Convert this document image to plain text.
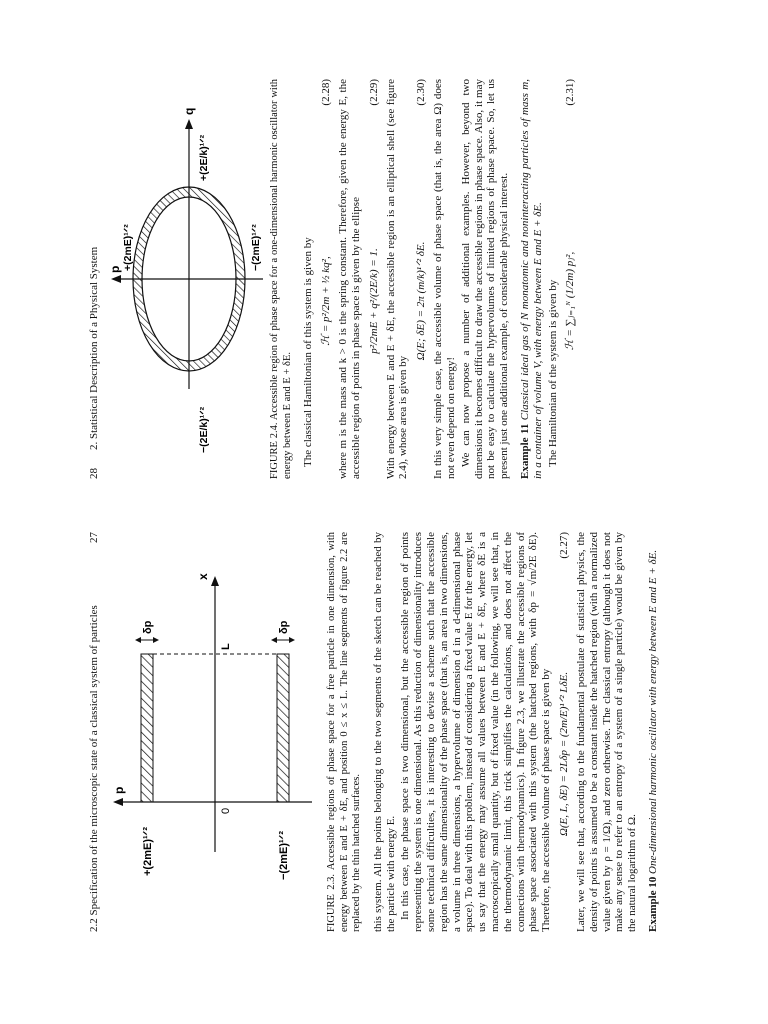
2.2 Specification of the microscopic state of a classical system of particles
27
p
x
+(2mE)¹ᐟ²	−(2mE)¹ᐟ²
0
L
δp	δp	FIGURE 2.3. Accessible regions of phase space for a free particle in one dimension, with energy between E and E + δE, and position 0 ≤ x ≤ L. The line segments of figure 2.2 are replaced by the thin hatched surfaces. this system. All the points belonging to the two segments of the sketch can be reached by the particle with energy E. In this case, the phase space is two dimensional, but the accessible region of points representing the system is one dimensional. As this reduction of dimensionality introduces some technical difficulties, it is interesting to devise a scheme such that the accessible region has the same dimensionality of the phase space (that is, an area in two dimensions, a volume in three dimensions, a hypervolume of dimension d in a d-dimensional phase space). To deal with this problem, instead of considering a fixed value E for the energy, let us say that the energy may assume all values between E and E + δE, where δE is a macroscopically small quantity, but of fixed value (in the following, we will see that, in the thermodynamic limit, this trick simplifies the calculations, and does not affect the connections with thermodynamics). In figure 2.3, we illustrate the accessible regions of phase space associated with this system (the hatched regions, with δp = √m/2E δE). Therefore, the accessible volume of phase space is given by Ω(E, L, δE) = 2Lδp = (2m/E)¹ᐟ² LδE.
(2.27) Later, we will see that, according to the fundamental postulate of statistical physics, the density of points is assumed to be a constant inside the hatched region (with a normalized value given by ρ = 1/Ω), and zero otherwise. The classical entropy (although it does not make any sense to refer to an entropy of a system of a single particle) would be given by the natural logarithm of Ω. Example 10 One-dimensional harmonic oscillator with energy between E and E + δE.
28
2. Statistical Description of a Physical System +(2mE)¹ᐟ²	−(2mE)¹ᐟ²
−(2E/k)¹ᐟ²
+(2E/k)¹ᐟ²	FIGURE 2.4. Accessible region of phase space for a one-dimensional harmonic oscillator with energy between E and E + δE. The classical Hamiltonian of this system is given by ℋ = p²/2m + ½ kq²,
(2.28) where m is the mass and k > 0 is the spring constant. Therefore, given the energy E, the accessible region of points in phase space is given by the ellipse p²/2mE + q²/(2E/k) = 1.
(2.29) With energy between E and E + δE, the accessible region is an elliptical shell (see figure 2.4), whose area is given by

Ω(E; δE) = 2π (m/k)¹ᐟ² δE.
(2.30) In this very simple case, the accessible volume of phase space (that is, the area Ω) does not even depend on energy! We can now propose a number of additional examples. However, beyond two dimensions it becomes difficult to draw the accessible regions in phase space. Also, it may not be easy to calculate the hypervolumes of limited regions of phase space. So, let us present just one additional example, of considerable physical interest. Example 11 Classical ideal gas of N monatomic and noninteracting particles of mass m, in a container of volume V, with energy between E and E + δE. The Hamiltonian of the system is given by ℋ = ∑ⱼ₌₁ᴺ (1/2m) pⱼ²,
(2.31)
